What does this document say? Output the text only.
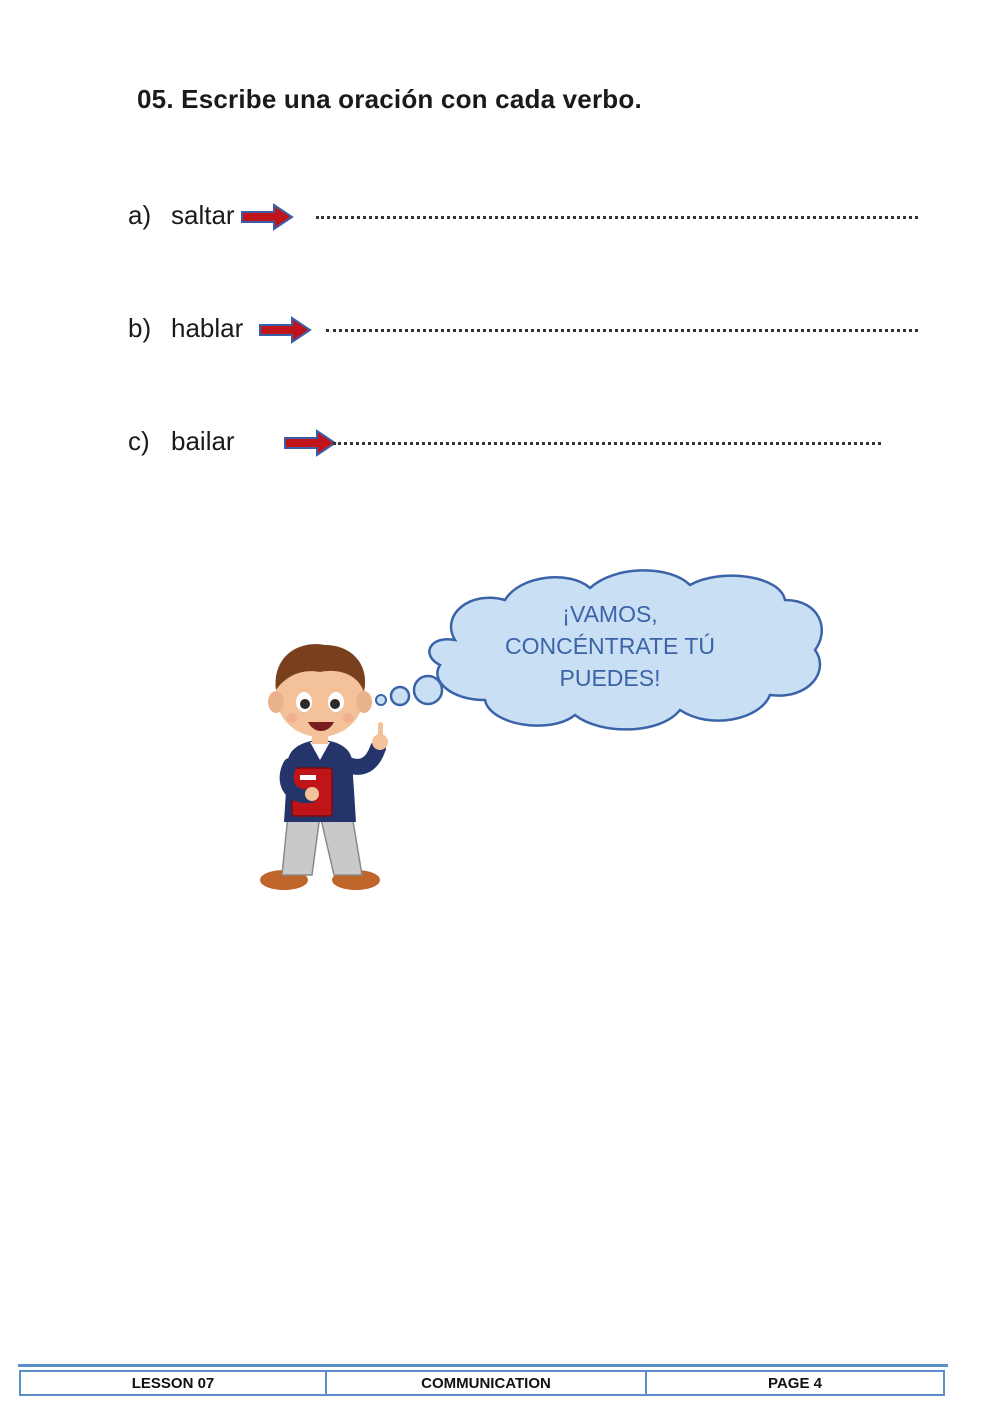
05. Escribe una oración con cada verbo.
a) saltar
b) hablar
c) bailar
¡VAMOS,
CONCÉNTRATE TÚ
PUEDES!
LESSON 07	COMMUNICATION	PAGE 4
